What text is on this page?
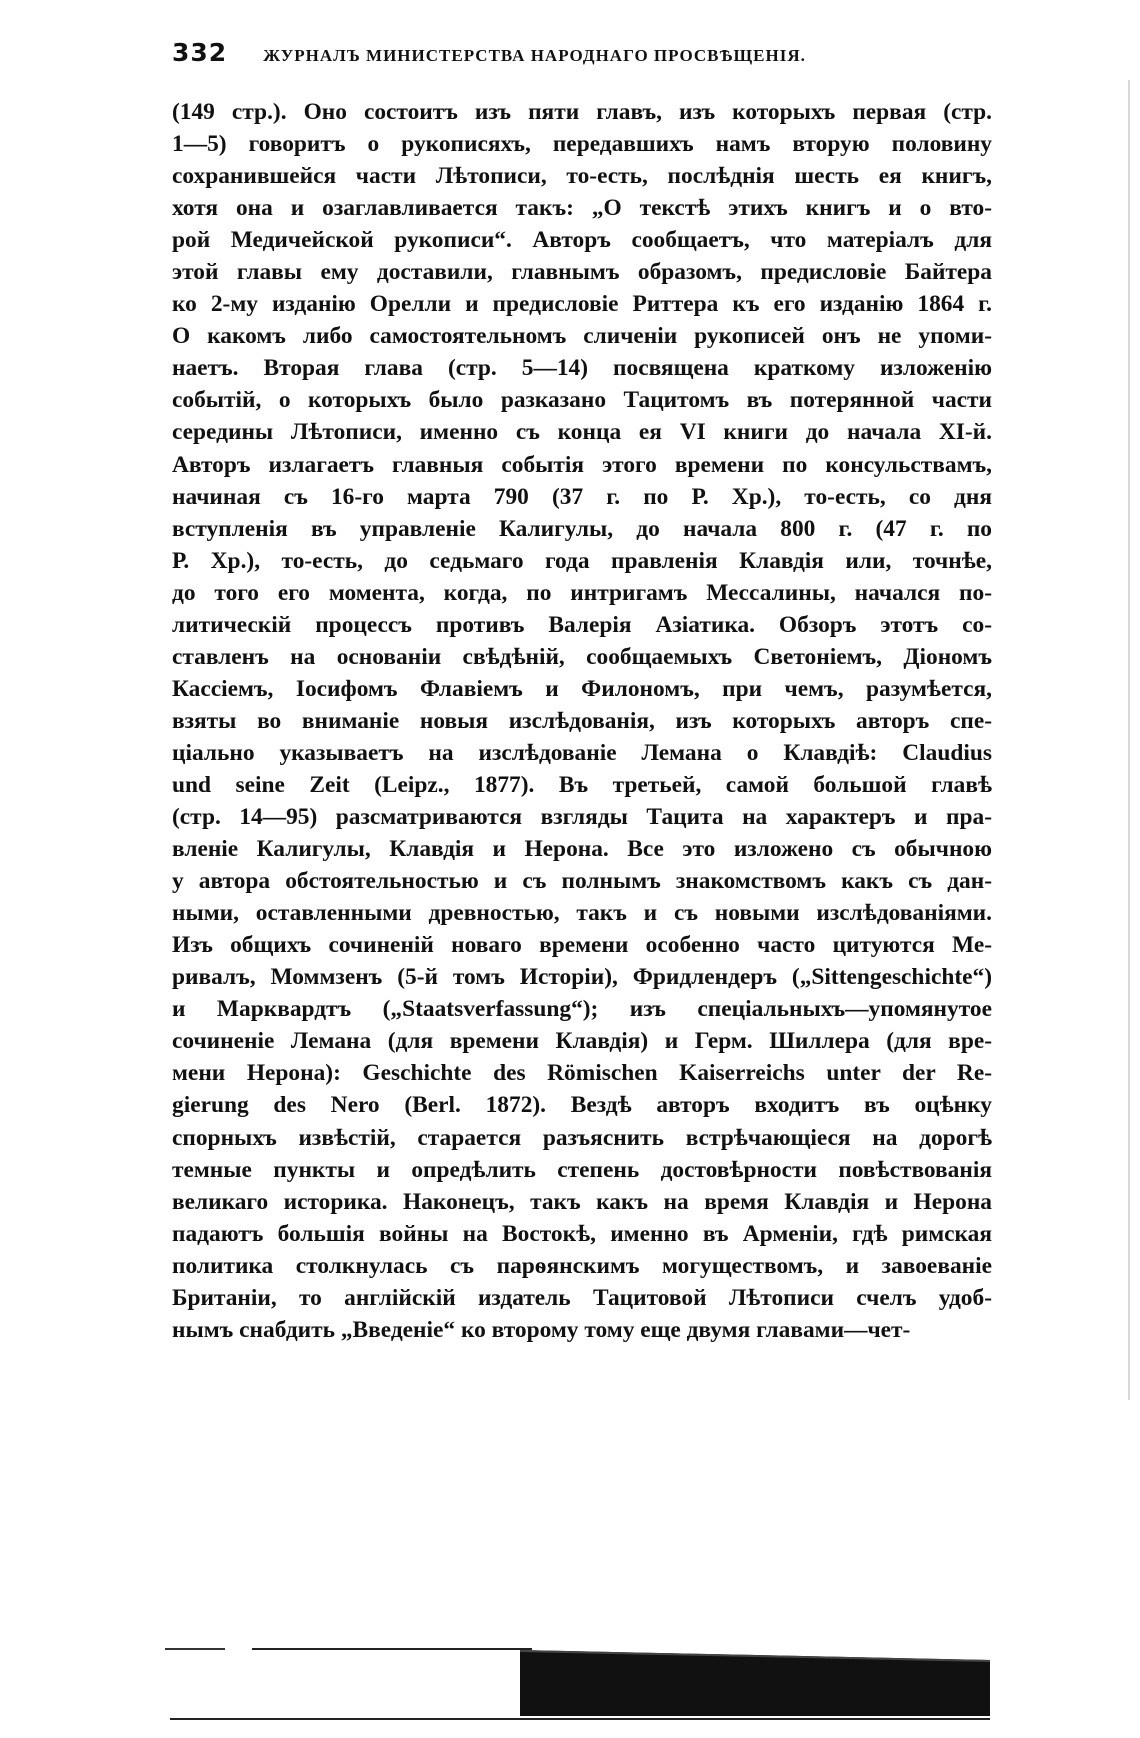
332 ЖУРНАЛЪ МИНИСТЕРСТВА НАРОДНАГО ПРОСВѢЩЕНІЯ.
(149 стр.). Оно состоитъ изъ пяти главъ, изъ которыхъ первая (стр.
1—5) говоритъ о рукописяхъ, передавшихъ намъ вторую половину
сохранившейся части Лѣтописи, то-есть, послѣднія шесть ея книгъ,
хотя она и озаглавливается такъ: „О текстѣ этихъ книгъ и о вто-
рой Медичейской рукописи“. Авторъ сообщаетъ, что матеріалъ для
этой главы ему доставили, главнымъ образомъ, предисловіе Байтера
ко 2-му изданію Орелли и предисловіе Риттера къ его изданію 1864 г.
О какомъ либо самостоятельномъ сличеніи рукописей онъ не упоми-
наетъ. Вторая глава (стр. 5—14) посвящена краткому изложенію
событій, о которыхъ было разказано Тацитомъ въ потерянной части
середины Лѣтописи, именно съ конца ея VI книги до начала XI-й.
Авторъ излагаетъ главныя событія этого времени по консульствамъ,
начиная съ 16-го марта 790 (37 г. по Р. Хр.), то-есть, со дня
вступленія въ управленіе Калигулы, до начала 800 г. (47 г. по
Р. Хр.), то-есть, до седьмаго года правленія Клавдія или, точнѣе,
до того его момента, когда, по интригамъ Мессалины, начался по-
литическій процессъ противъ Валерія Азіатика. Обзоръ этотъ со-
ставленъ на основаніи свѣдѣній, сообщаемыхъ Светоніемъ, Діономъ
Кассіемъ, Іосифомъ Флавіемъ и Филономъ, при чемъ, разумѣется,
взяты во вниманіе новыя изслѣдованія, изъ которыхъ авторъ спе-
ціально указываетъ на изслѣдованіе Лемана о Клавдіѣ: Claudius
und seine Zeit (Leipz., 1877). Въ третьей, самой большой главѣ
(стр. 14—95) разсматриваются взгляды Тацита на характеръ и пра-
вленіе Калигулы, Клавдія и Нерона. Все это изложено съ обычною
у автора обстоятельностью и съ полнымъ знакомствомъ какъ съ дан-
ными, оставленными древностью, такъ и съ новыми изслѣдованіями.
Изъ общихъ сочиненій новаго времени особенно часто цитуются Ме-
ривалъ, Моммзенъ (5-й томъ Исторіи), Фридлендеръ („Sittengeschichte“)
и Марквардтъ („Staatsverfassung“); изъ спеціальныхъ—упомянутое
сочиненіе Лемана (для времени Клавдія) и Герм. Шиллера (для вре-
мени Нерона): Geschichte des Römischen Kaiserreichs unter der Re-
gierung des Nero (Berl. 1872). Вездѣ авторъ входитъ въ оцѣнку
спорныхъ извѣстій, старается разъяснить встрѣчающіеся на дорогѣ
темные пункты и опредѣлить степень достовѣрности повѣствованія
великаго историка. Наконецъ, такъ какъ на время Клавдія и Нерона
падаютъ большія войны на Востокѣ, именно въ Арменіи, гдѣ римская
политика столкнулась съ парѳянскимъ могуществомъ, и завоеваніе
Британіи, то англійскій издатель Тацитовой Лѣтописи счелъ удоб-
нымъ снабдить „Введеніе“ ко второму тому еще двумя главами—чет-
